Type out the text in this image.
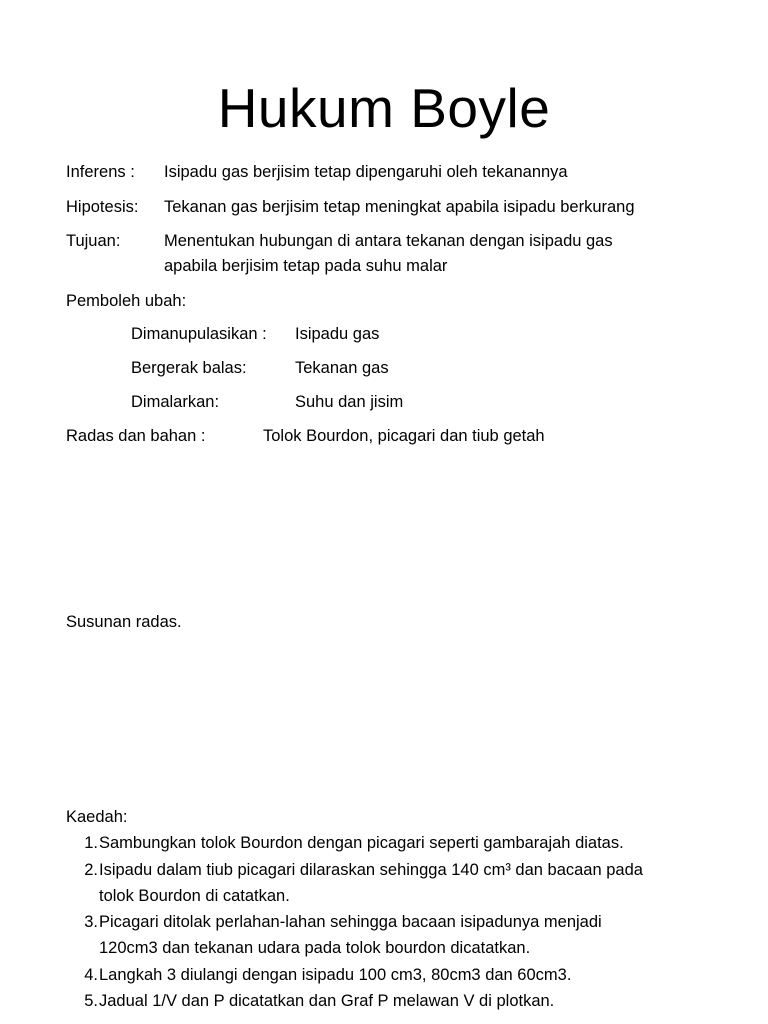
Hukum Boyle
Inferens : Isipadu gas berjisim tetap dipengaruhi oleh tekanannya
Hipotesis: Tekanan gas berjisim tetap meningkat apabila isipadu berkurang
Tujuan:	Menentukan hubungan di antara tekanan dengan isipadu gas
apabila berjisim tetap pada suhu malar
Pemboleh ubah:
Dimanupulasikan : Isipadu gas
Bergerak balas:	Tekanan gas
Dimalarkan:	Suhu dan jisim
Radas dan bahan :	Tolok Bourdon, picagari dan tiub getah
Susunan radas.
Kaedah:
1. Sambungkan tolok Bourdon dengan picagari seperti gambarajah diatas.
2. Isipadu dalam tiub picagari dilaraskan sehingga 140 cm³ dan bacaan pada
tolok Bourdon di catatkan.
3. Picagari ditolak perlahan-lahan sehingga bacaan isipadunya menjadi
120cm3 dan tekanan udara pada tolok bourdon dicatatkan.
4. Langkah 3 diulangi dengan isipadu 100 cm3, 80cm3 dan 60cm3.
5. Jadual 1/V dan P dicatatkan dan Graf P melawan V di plotkan.
